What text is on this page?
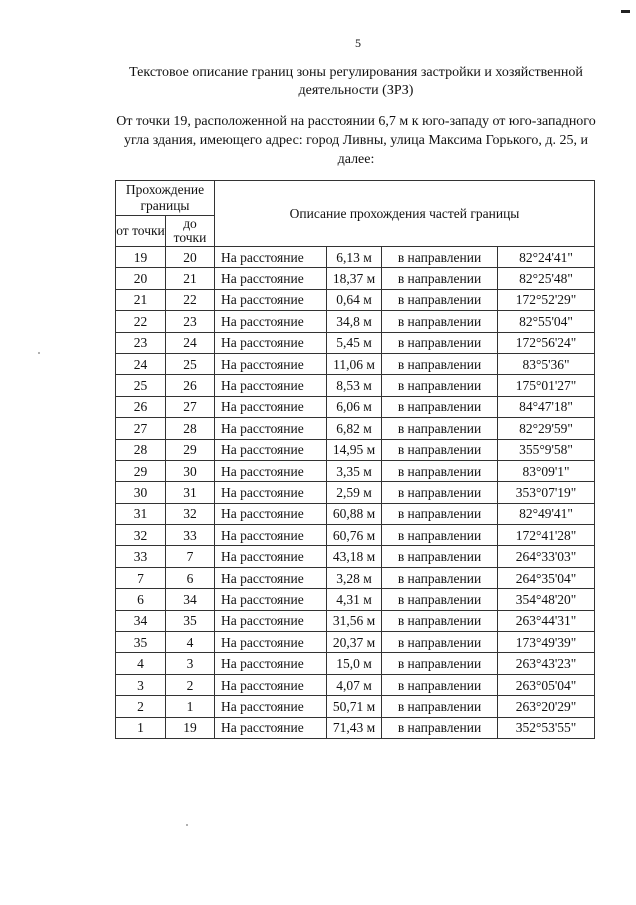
5
Текстовое описание границ зоны регулирования застройки и хозяйственной деятельности (ЗРЗ)
От точки 19, расположенной на расстоянии 6,7 м к юго-западу от юго-западного угла здания, имеющего адрес: город Ливны, улица Максима Горького, д. 25, и далее:
Прохождение границы		Описание прохождения частей границы			
от точки	до точки				
19	20	На расстояние	6,13 м	в направлении	82°24'41"
20	21	На расстояние	18,37 м	в направлении	82°25'48"
21	22	На расстояние	0,64 м	в направлении	172°52'29"
22	23	На расстояние	34,8 м	в направлении	82°55'04"
23	24	На расстояние	5,45 м	в направлении	172°56'24"
24	25	На расстояние	11,06 м	в направлении	83°5'36"
25	26	На расстояние	8,53 м	в направлении	175°01'27"
26	27	На расстояние	6,06 м	в направлении	84°47'18"
27	28	На расстояние	6,82 м	в направлении	82°29'59"
28	29	На расстояние	14,95 м	в направлении	355°9'58"
29	30	На расстояние	3,35 м	в направлении	83°09'1"
30	31	На расстояние	2,59 м	в направлении	353°07'19"
31	32	На расстояние	60,88 м	в направлении	82°49'41"
32	33	На расстояние	60,76 м	в направлении	172°41'28"
33	7	На расстояние	43,18 м	в направлении	264°33'03"
7	6	На расстояние	3,28 м	в направлении	264°35'04"
6	34	На расстояние	4,31 м	в направлении	354°48'20"
34	35	На расстояние	31,56 м	в направлении	263°44'31"
35	4	На расстояние	20,37 м	в направлении	173°49'39"
4	3	На расстояние	15,0 м	в направлении	263°43'23"
3	2	На расстояние	4,07 м	в направлении	263°05'04"
2	1	На расстояние	50,71 м	в направлении	263°20'29"
1	19	На расстояние	71,43 м	в направлении	352°53'55"
